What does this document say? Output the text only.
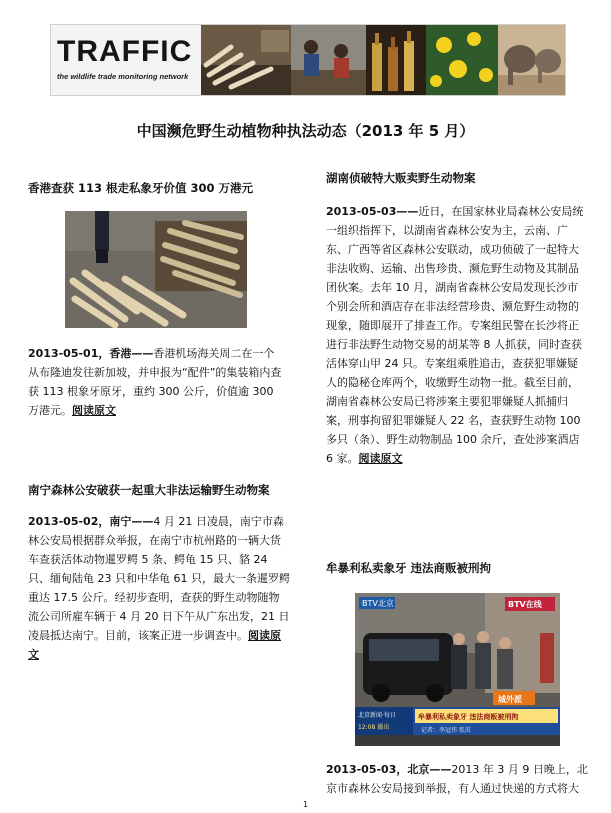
TRAFFIC
the wildlife trade monitoring network
中国濒危野生动植物种执法动态（2013 年 5 月）
香港查获 113 根走私象牙价值 300 万港元
2013-05-01，香港——香港机场海关周二在一个从布隆迪发往新加坡，并申报为“配件”的集装箱内查获 113 根象牙原牙，重约 300 公斤，价值逾 300 万港元。阅读原文
南宁森林公安破获一起重大非法运输野生动物案
2013-05-02，南宁——4 月 21 日凌晨，南宁市森林公安局根据群众举报，在南宁市杭州路的一辆大货车查获活体动物暹罗鳄 5 条、鳄龟 15 只、貉 24 只、缅甸陆龟 23 只和中华龟 61 只，最大一条暹罗鳄重达 17.5 公斤。经初步查明，查获的野生动物随物流公司所雇车辆于 4 月 20 日下午从广东出发，21 日凌晨抵达南宁。目前，该案正进一步调查中。阅读原文
湖南侦破特大贩卖野生动物案
2013-05-03——近日，在国家林业局森林公安局统一组织指挥下，以湖南省森林公安为主，云南、广东、广西等省区森林公安联动，成功侦破了一起特大非法收购、运输、出售珍贵、濒危野生动物及其制品团伙案。去年 10 月，湖南省森林公安局发现长沙市个别会所和酒店存在非法经营珍贵、濒危野生动物的现象，随即展开了排查工作。专案组民警在长沙将正进行非法野生动物交易的胡某等 8 人抓获，同时查获活体穿山甲 24 只。专案组乘胜追击，查获犯罪嫌疑人的隐秘仓库两个，收缴野生动物一批。截至目前，湖南省森林公安局已将涉案主要犯罪嫌疑人抓捕归案，刑事拘留犯罪嫌疑人 22 名，查获野生动物 100 多只（条）、野生动物制品 100 余斤，查处涉案酒店 6 家。阅读原文
牟暴利私卖象牙 违法商贩被刑拘
BTV北京	BTV在线
城外派
北京新闻·每日
12:08 播出
牟暴利私卖象牙 违法商贩被刑拘
记者：李冠伟 张茁
2013-05-03，北京——2013 年 3 月 9 日晚上，北京市森林公安局接到举报，有人通过快递的方式将大
1
